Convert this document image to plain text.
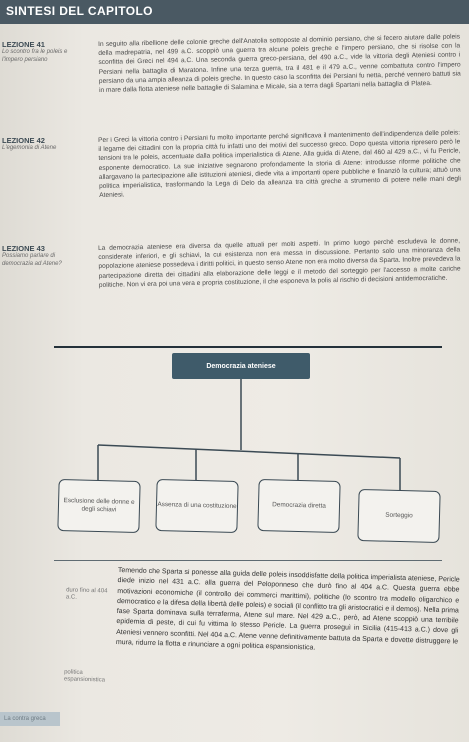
SINTESI DEL CAPITOLO
LEZIONE 41
Lo scontro fra le poleis e l'impero persiano
In seguito alla ribellione delle colonie greche dell'Anatolia sottoposte al dominio persiano, che si fecero aiutare dalle poleis della madrepatria, nel 499 a.C. scoppiò una guerra tra alcune poleis greche e l'impero persiano, che si risolse con la sconfitta dei Greci nel 494 a.C. Una seconda guerra greco-persiana, del 490 a.C., vide la vittoria degli Ateniesi contro i Persiani nella battaglia di Maratona. Infine una terza guerra, tra il 481 e il 479 a.C., venne combattuta contro l'impero persiano da una ampia alleanza di poleis greche. In questo caso la sconfitta dei Persiani fu netta, perché vennero battuti sia in mare dalla flotta ateniese nelle battaglie di Salamina e Micale, sia a terra dagli Spartani nella battaglia di Platea.
LEZIONE 42
L'egemonia di Atene
Per i Greci la vittoria contro i Persiani fu molto importante perché significava il mantenimento dell'indipendenza delle poleis: il legame dei cittadini con la propria città fu infatti uno dei motivi del successo greco. Dopo questa vittoria ripresero però le tensioni tra le poleis, accentuate dalla politica imperialistica di Atene. Alla guida di Atene, dal 460 al 429 a.C., vi fu Pericle, esponente democratico. La sue iniziative segnarono profondamente la storia di Atene: introdusse riforme politiche che allargavano la partecipazione alle istituzioni ateniesi, diede vita a importanti opere pubbliche e finanziò la cultura; attuò una politica imperialistica, trasformando la Lega di Delo da alleanza tra città greche a strumento di potere nelle mani degli Ateniesi.
LEZIONE 43
Possiamo parlare di democrazia ad Atene?
La democrazia ateniese era diversa da quelle attuali per molti aspetti. In primo luogo perché escludeva le donne, considerate inferiori, e gli schiavi, la cui esistenza non era messa in discussione. Pertanto solo una minoranza della popolazione ateniese possedeva i diritti politici, in questo senso Atene non era molto diversa da Sparta. Inoltre prevedeva la partecipazione diretta dei cittadini alla elaborazione delle leggi e il metodo del sorteggio per l'accesso a molte cariche politiche. Non vi era poi una vera e propria costituzione, il che esponeva la polis al rischio di decisioni antidemocratiche.
Democrazia ateniese
Esclusione delle donne e degli schiavi	Assenza di una costituzione	Democrazia diretta
Sorteggio
duro fino al 404 a.C.
politica espansionistica
Temendo che Sparta si ponesse alla guida delle poleis insoddisfatte della politica imperialista ateniese, Pericle diede inizio nel 431 a.C. alla guerra del Peloponneso che durò fino al 404 a.C. Questa guerra ebbe motivazioni economiche (il controllo dei commerci marittimi), politiche (lo scontro tra modello oligarchico e democratico e la difesa della libertà delle poleis) e sociali (il conflitto tra gli aristocratici e il demos). Nella prima fase Sparta dominava sulla terraferma, Atene sul mare. Nel 429 a.C., però, ad Atene scoppiò una terribile epidemia di peste, di cui fu vittima lo stesso Pericle. La guerra proseguì in Sicilia (415-413 a.C.) dove gli Ateniesi vennero sconfitti. Nel 404 a.C. Atene venne definitivamente battuta da Sparta e dovette distruggere le mura, ridurre la flotta e rinunciare a ogni politica espansionistica.
La contra greca
